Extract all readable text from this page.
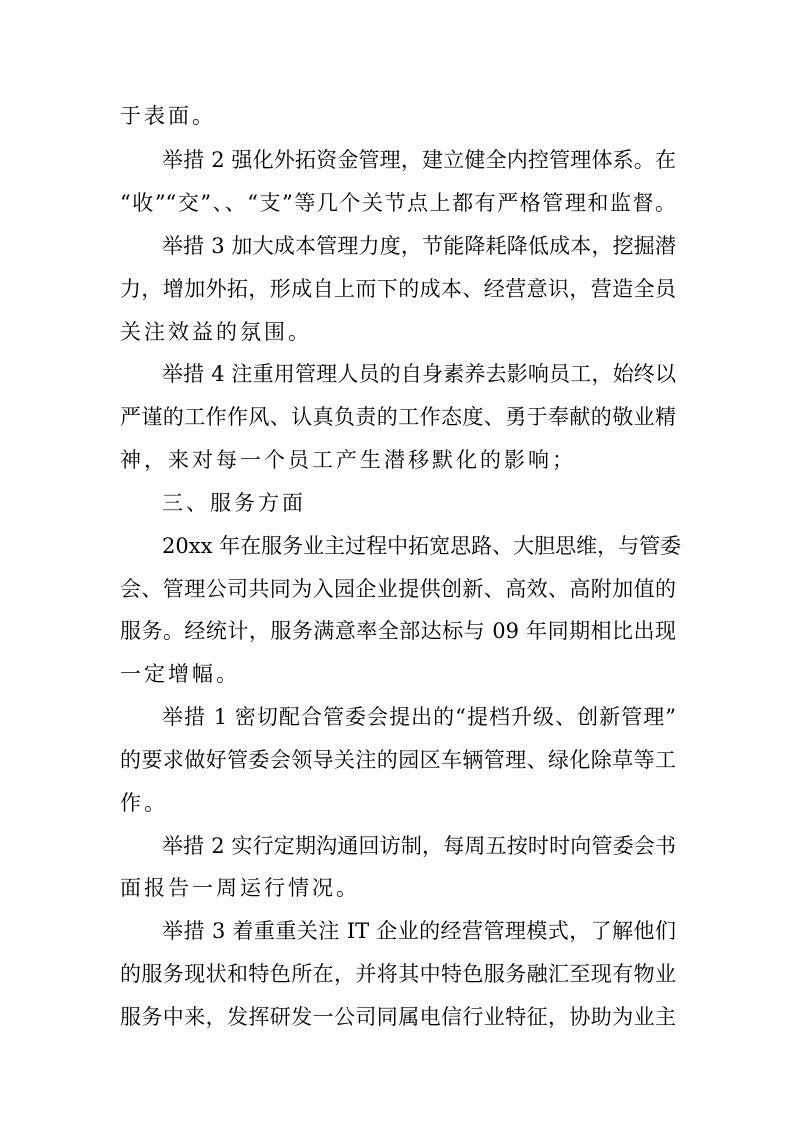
于表面。
举措 2 强化外拓资金管理，建立健全内控管理体系。在
“收”“交”、、“支”等几个关节点上都有严格管理和监督。
举措 3 加大成本管理力度，节能降耗降低成本，挖掘潜
力，增加外拓，形成自上而下的成本、经营意识，营造全员
关注效益的氛围。
举措 4 注重用管理人员的自身素养去影响员工，始终以
严谨的工作作风、认真负责的工作态度、勇于奉献的敬业精
神，来对每一个员工产生潜移默化的影响；
三、服务方面
20xx 年在服务业主过程中拓宽思路、大胆思维，与管委
会、管理公司共同为入园企业提供创新、高效、高附加值的
服务。经统计，服务满意率全部达标与 09 年同期相比出现
一定增幅。
举措 1 密切配合管委会提出的“提档升级、创新管理”
的要求做好管委会领导关注的园区车辆管理、绿化除草等工
作。
举措 2 实行定期沟通回访制，每周五按时时向管委会书
面报告一周运行情况。
举措 3 着重重关注 IT 企业的经营管理模式，了解他们
的服务现状和特色所在，并将其中特色服务融汇至现有物业
服务中来，发挥研发一公司同属电信行业特征，协助为业主
